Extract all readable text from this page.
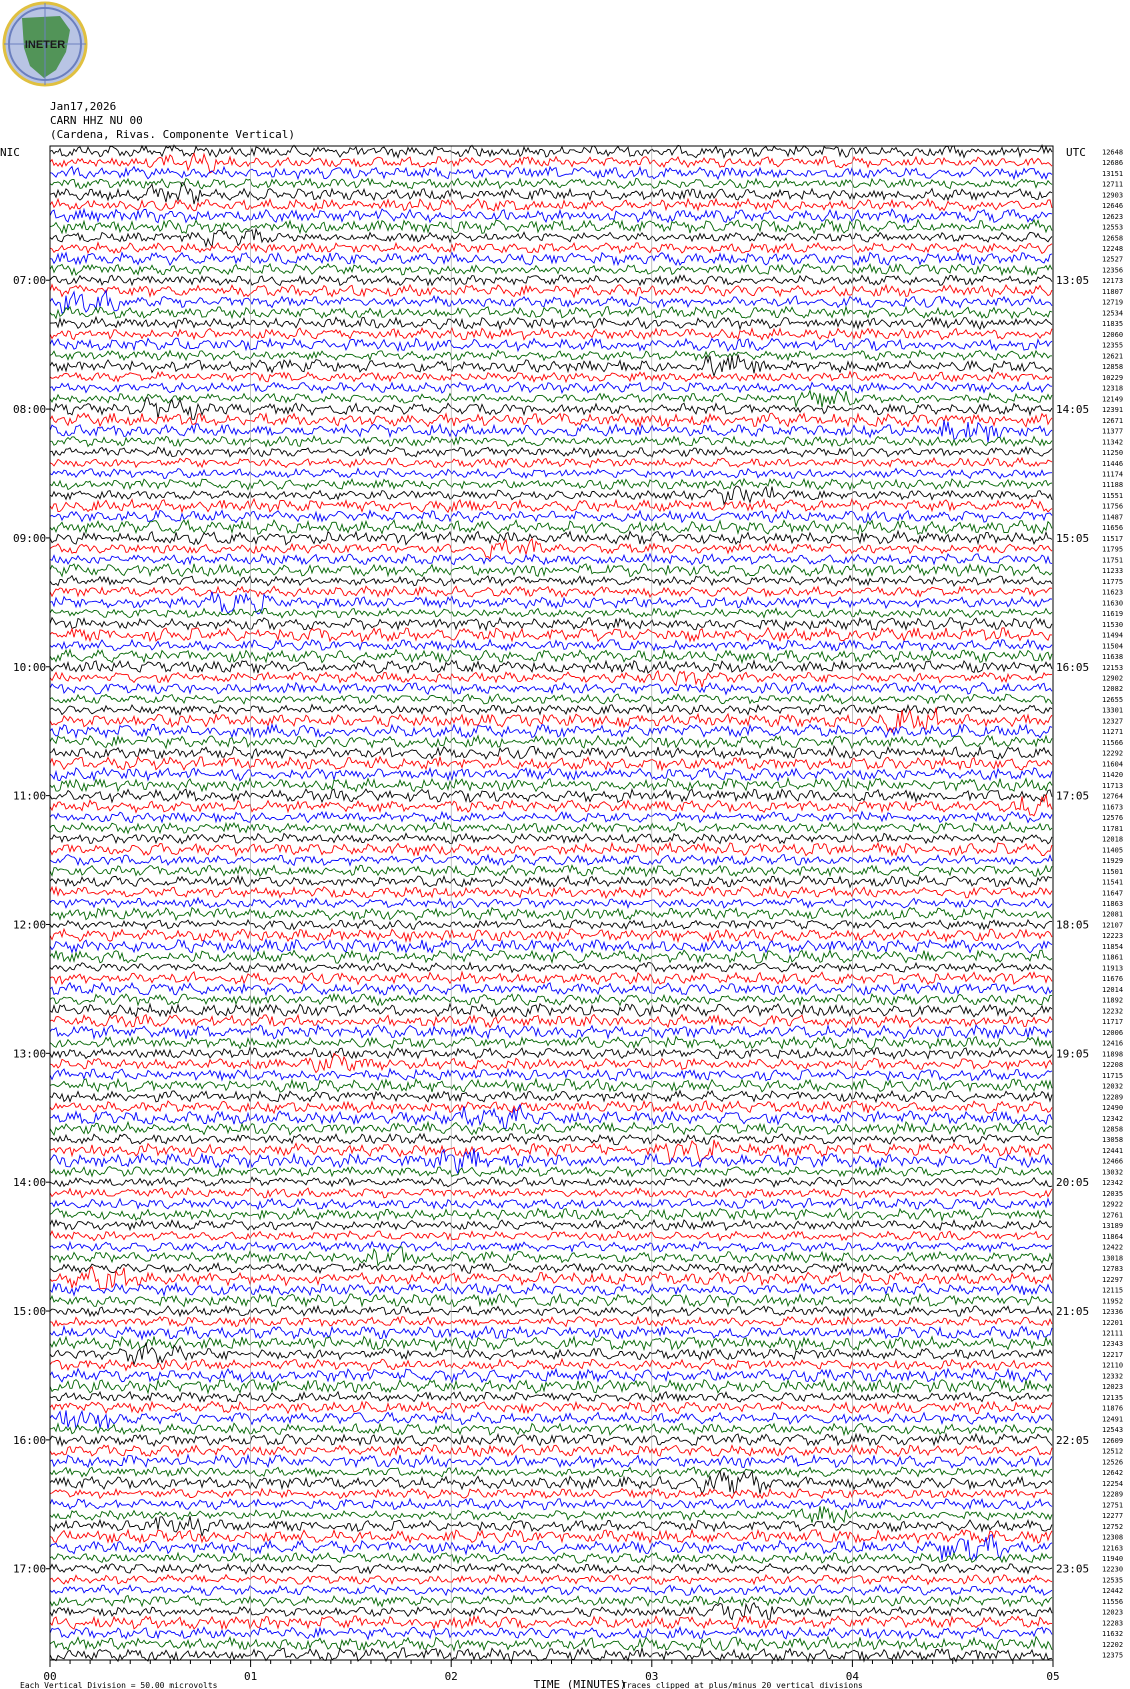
INETER
Jan17,2026
CARN HHZ NU 00
(Cardena, Rivas. Componente Vertical)
00	01	02	03	04	05
TIME (MINUTES)
Each Vertical Division = 50.00 microvolts	Traces clipped at plus/minus 20 vertical divisions
NIC	UTC
07:00
08:00
09:00
10:00
11:00
12:00
13:00
14:00
15:00
16:00
17:00
13:05
14:05
15:05
16:05
17:05
18:05
19:05
20:05
21:05
22:05
23:05
12648
12686
13151
12711
12903
12646
12623
12553
12658
12248
12527
12356
12173
11807
12719
12534
11835
12060
12355
12621
12858
10229
12318
12149
12391
12671
11377
11342
11250
11446
11174
11188
11551
11756
11487
11656
11517
11795
11751
11233
11775
11623
11630
11619
11530
11494
11504
11638
12153
12902
12082
12655
13301
12327
11271
11566
12292
11604
11420
11713
12764
11673
12576
11781
12018
11405
11929
11501
11541
11647
11863
12081
12107
12223
11854
11861
11913
11676
12014
11892
12232
11717
12006
12416
11898
12208
11715
12032
12289
12490
12342
12858
13058
12441
12466
13032
12342
12035
12922
12761
13189
11864
12422
13018
12783
12297
12115
11952
12336
12201
12111
12343
12217
12110
12332
12023
12135
11876
12491
12543
12609
12512
12526
12642
12254
12289
12751
12277
12752
12308
12163
11940
12230
12535
12442
11556
12023
12283
11632
12202
12375
